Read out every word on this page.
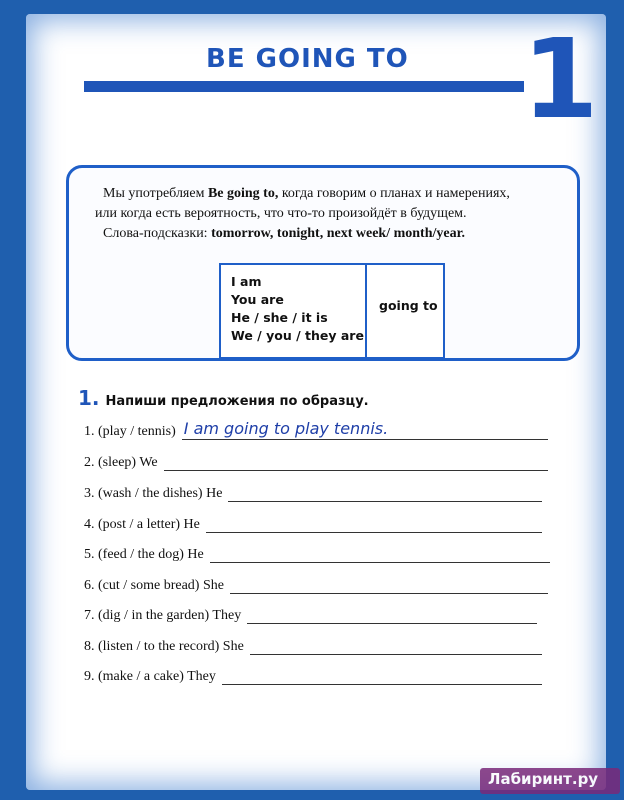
BE GOING TO 1

Мы употребляем Be going to, когда говорим о планах и намерениях,

или когда есть вероятность, что что-то произойдёт в будущем.

Слова-подсказки: tomorrow, tonight, next week/ month/year.

I am
You are
He / she / it is
We / you / they are
going to
1. Напиши предложения по образцу.
1. (play / tennis) I am going to play tennis.
2. (sleep) We
3. (wash / the dishes) He
4. (post / a letter) He
5. (feed / the dog) He
6. (cut / some bread) She
7. (dig / in the garden) They
8. (listen / to the record) She
9. (make / a cake) They
Лабиринт.ру
